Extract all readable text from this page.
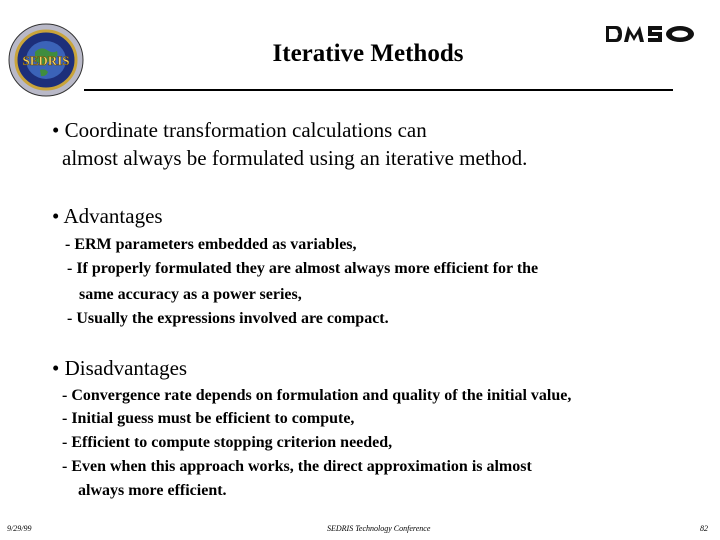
SEDRIS
DMSO
Iterative Methods
• Coordinate transformation calculations can
almost always be formulated using an iterative method.
• Advantages
- ERM parameters embedded as variables,
- If properly formulated they are almost always more efficient for the
same accuracy as a power series,
- Usually the expressions involved are compact.
• Disadvantages
- Convergence rate depends on formulation and quality of the initial value,
- Initial guess must be efficient to compute,
- Efficient to compute stopping criterion needed,
- Even when this approach works, the direct approximation is almost
always more efficient.
9/29/99	SEDRIS Technology Conference	82
